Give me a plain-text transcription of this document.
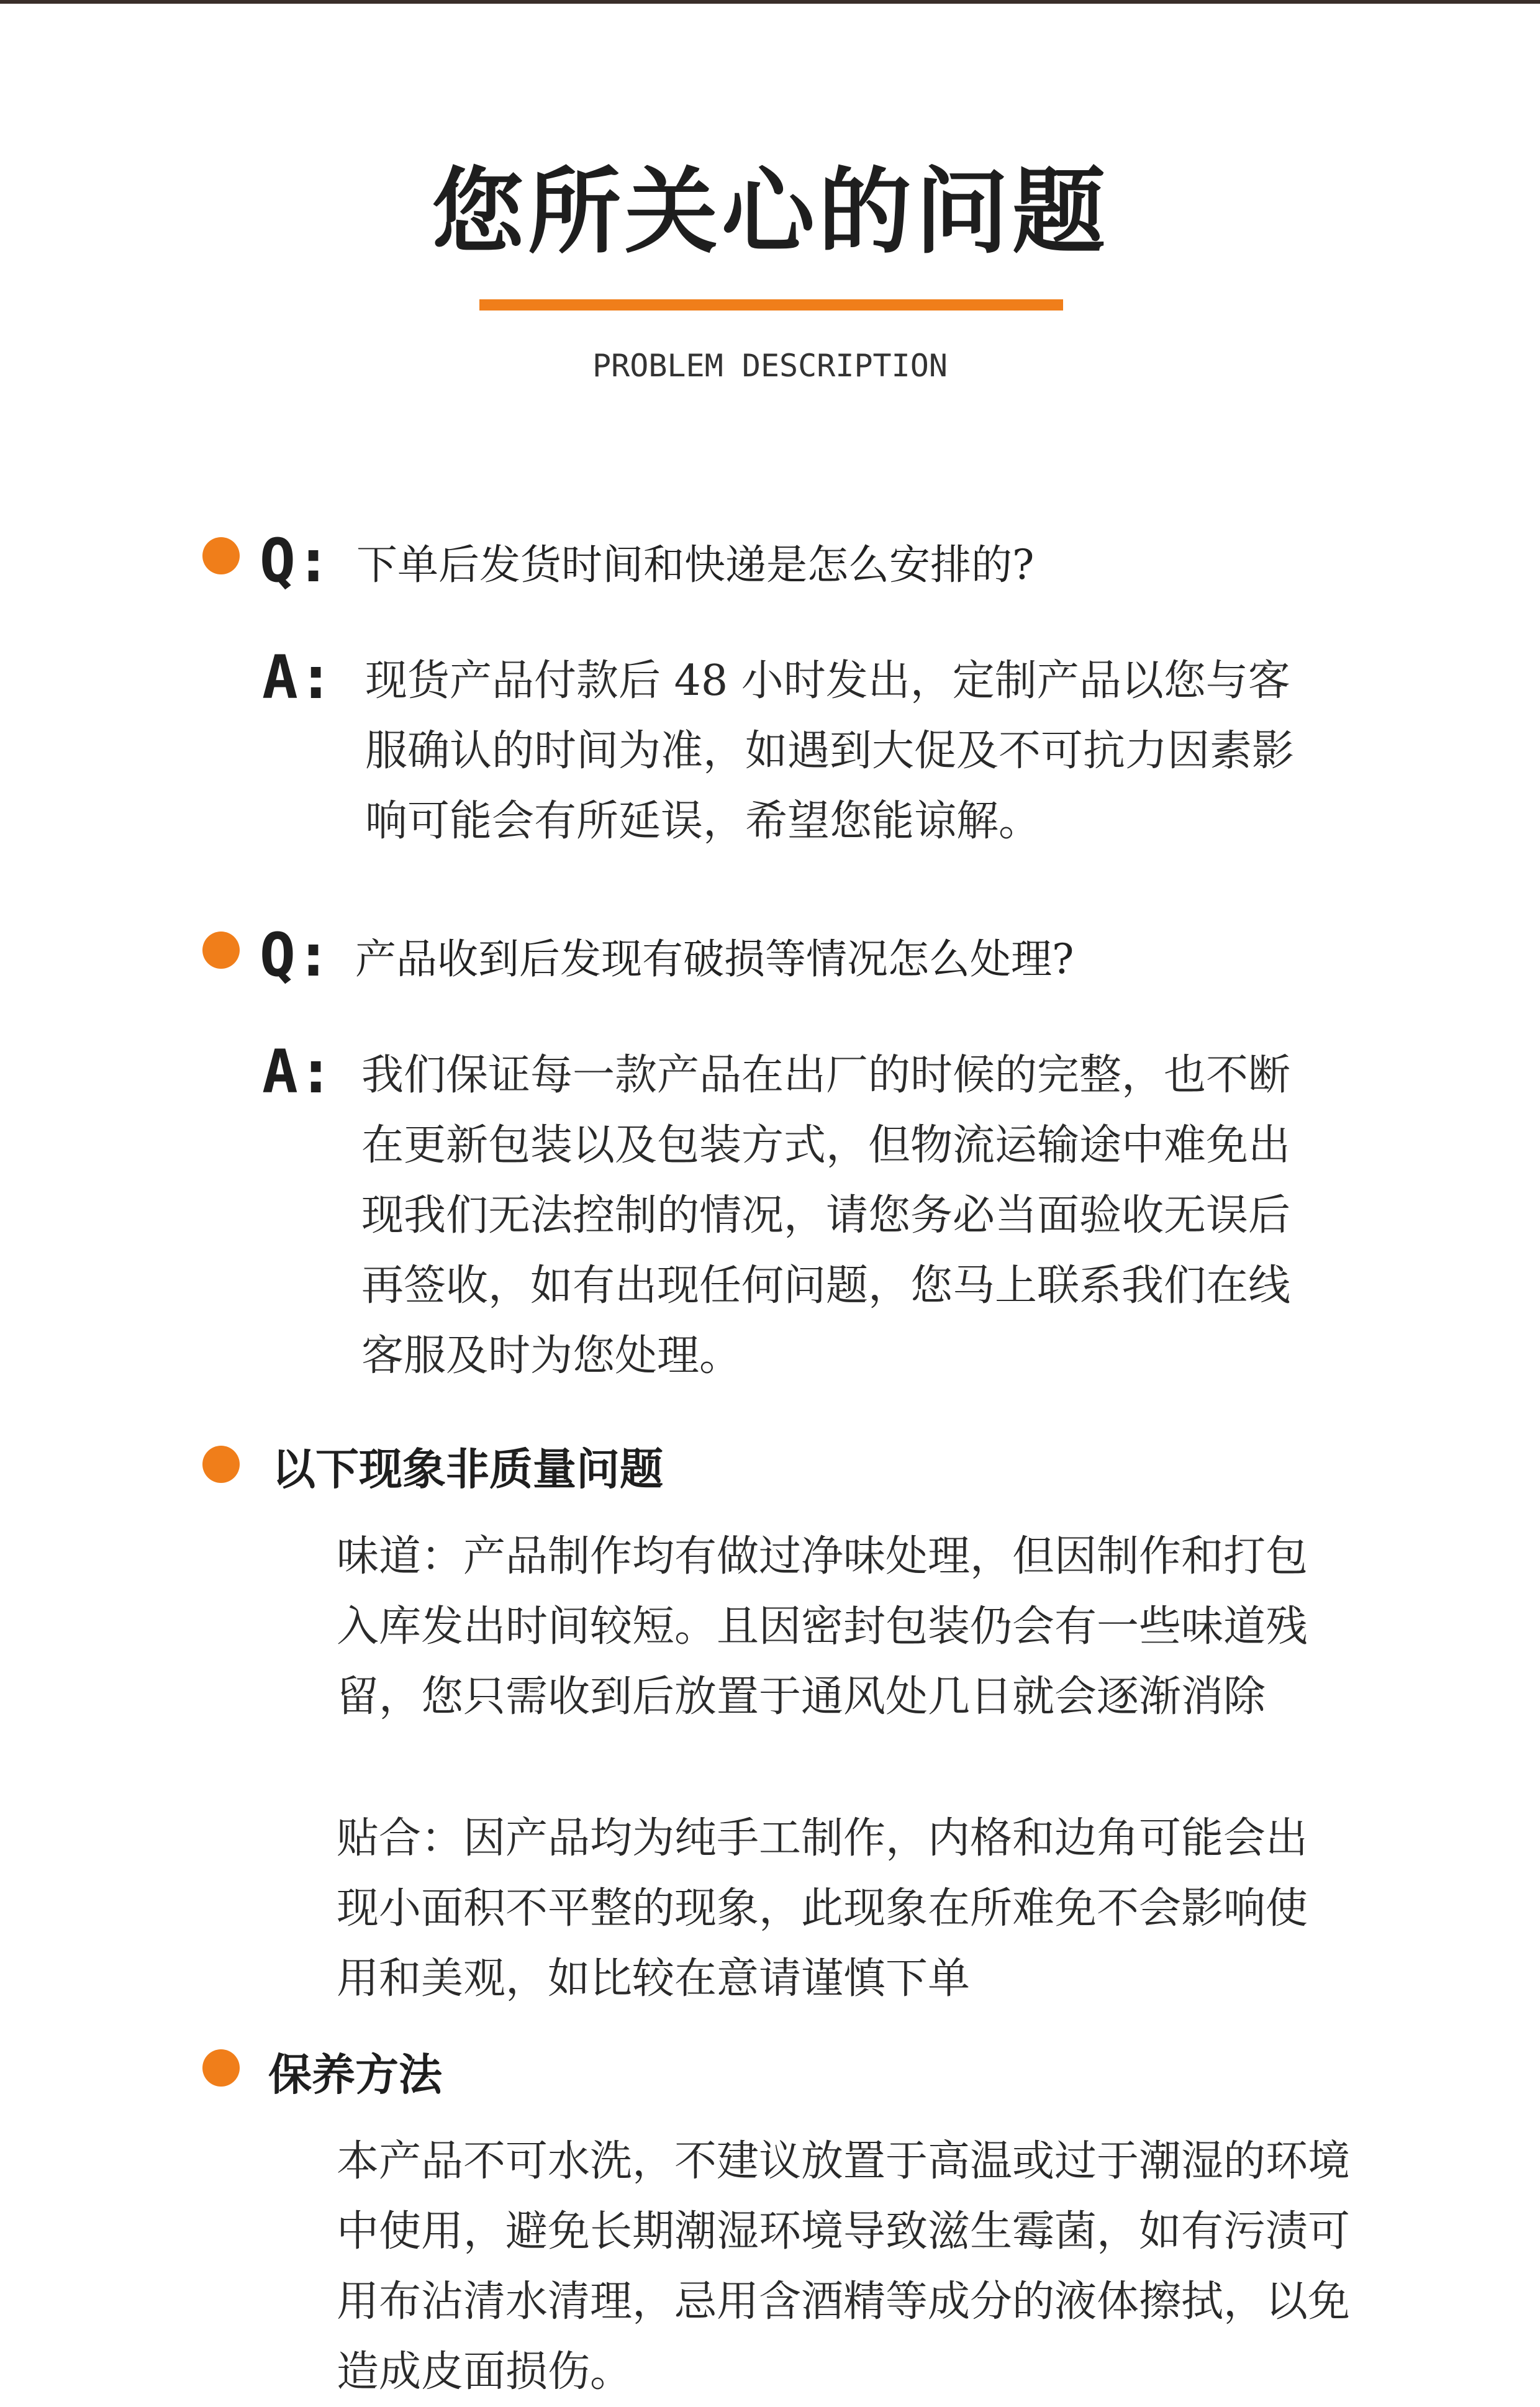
您所关心的问题
PROBLEM DESCRIPTION
Q: 下单后发货时间和快递是怎么安排的?
A: 现货产品付款后 48 小时发出，定制产品以您与客服确认的时间为准，如遇到大促及不可抗力因素影响可能会有所延误，希望您能谅解。
Q: 产品收到后发现有破损等情况怎么处理?
A: 我们保证每一款产品在出厂的时候的完整，也不断在更新包装以及包装方式，但物流运输途中难免出现我们无法控制的情况，请您务必当面验收无误后再签收，如有出现任何问题，您马上联系我们在线客服及时为您处理。
以下现象非质量问题
味道：产品制作均有做过净味处理，但因制作和打包入库发出时间较短。且因密封包装仍会有一些味道残留，您只需收到后放置于通风处几日就会逐渐消除
贴合：因产品均为纯手工制作，内格和边角可能会出现小面积不平整的现象，此现象在所难免不会影响使用和美观，如比较在意请谨慎下单
保养方法
本产品不可水洗，不建议放置于高温或过于潮湿的环境中使用，避免长期潮湿环境导致滋生霉菌，如有污渍可用布沾清水清理，忌用含酒精等成分的液体擦拭，以免造成皮面损伤。
